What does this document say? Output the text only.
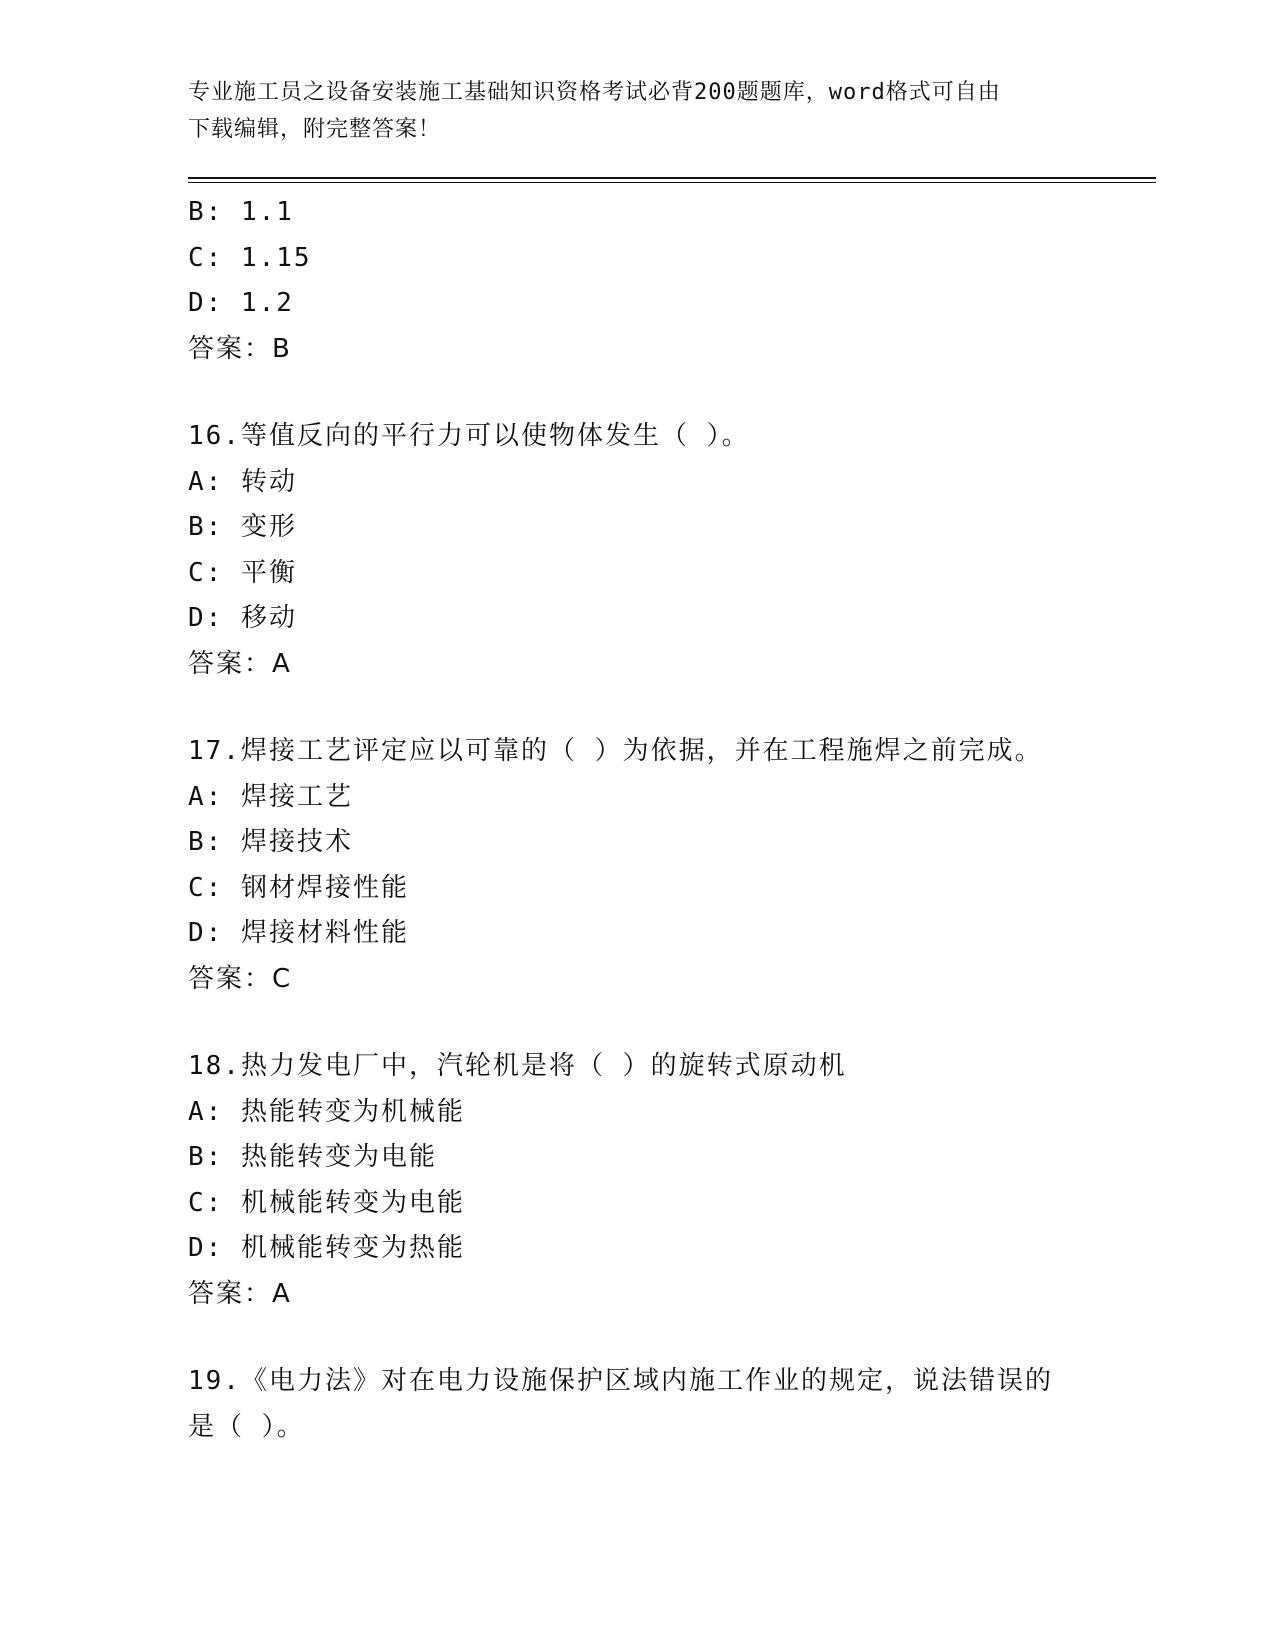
专业施工员之设备安装施工基础知识资格考试必背200题题库，word格式可自由
下载编辑，附完整答案！
B: 1.1
C: 1.15
D: 1.2
答案：B
16.等值反向的平行力可以使物体发生（ ）。
A: 转动
B: 变形
C: 平衡
D: 移动
答案：A
17.焊接工艺评定应以可靠的（ ）为依据，并在工程施焊之前完成。
A: 焊接工艺
B: 焊接技术
C: 钢材焊接性能
D: 焊接材料性能
答案：C
18.热力发电厂中，汽轮机是将（ ）的旋转式原动机
A: 热能转变为机械能
B: 热能转变为电能
C: 机械能转变为电能
D: 机械能转变为热能
答案：A
19.《电力法》对在电力设施保护区域内施工作业的规定，说法错误的
是（ ）。
